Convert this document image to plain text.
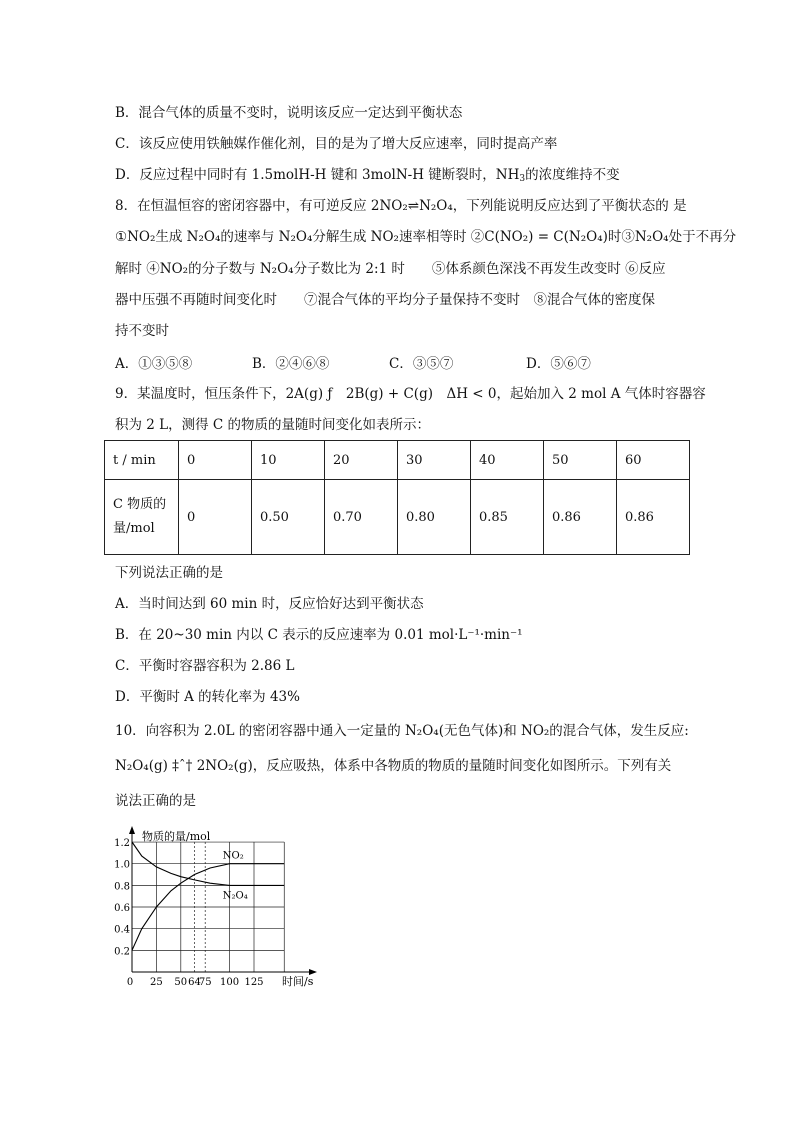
B．混合气体的质量不变时，说明该反应一定达到平衡状态
C．该反应使用铁触媒作催化剂，目的是为了增大反应速率，同时提高产率
D．反应过程中同时有 1.5molH-H 键和 3molN-H 键断裂时，$NH_3$的浓度维持不变
8．在恒温恒容的密闭容器中，有可逆反应 2NO₂⇌N₂O₄，下列能说明反应达到了平衡状态的 是
①NO₂生成 N₂O₄的速率与 N₂O₄分解生成 NO₂速率相等时 ②C(NO₂) = C(N₂O₄)时③N₂O₄处于不再分
解时 ④NO₂的分子数与 N₂O₄分子数比为 2:1 时　　⑤体系颜色深浅不再发生改变时 ⑥反应
器中压强不再随时间变化时　　⑦混合气体的平均分子量保持不变时　⑧混合气体的密度保
持不变时
A．①③⑤⑧	B．②④⑥⑧	C．③⑤⑦	D．⑤⑥⑦
9．某温度时，恒压条件下，2A(g) ƒ　2B(g) + C(g)　ΔH < 0，起始加入 2 mol A 气体时容器容
积为 2 L，测得 C 的物质的量随时间变化如表所示：
t / min	0	10	20	30	40	50	60
C 物质的
量/mol	0	0.50	0.70	0.80	0.85	0.86	0.86
下列说法正确的是
A．当时间达到 60 min 时，反应恰好达到平衡状态
B．在 20~30 min 内以 C 表示的反应速率为 0.01 mol·L⁻¹·min⁻¹
C．平衡时容器容积为 2.86 L
D．平衡时 A 的转化率为 43%
10．向容积为 2.0L 的密闭容器中通入一定量的 N₂O₄(无色气体)和 NO₂的混合气体，发生反应:
N₂O₄(g) ‡ˆ† 2NO₂(g)，反应吸热，体系中各物质的物质的量随时间变化如图所示。下列有关
说法正确的是
0.2
0.4
0.6
0.8
1.0
1.2
0 25 50 64
75 100 125
NO₂
N₂O₄
物质的量/mol
时间/s
